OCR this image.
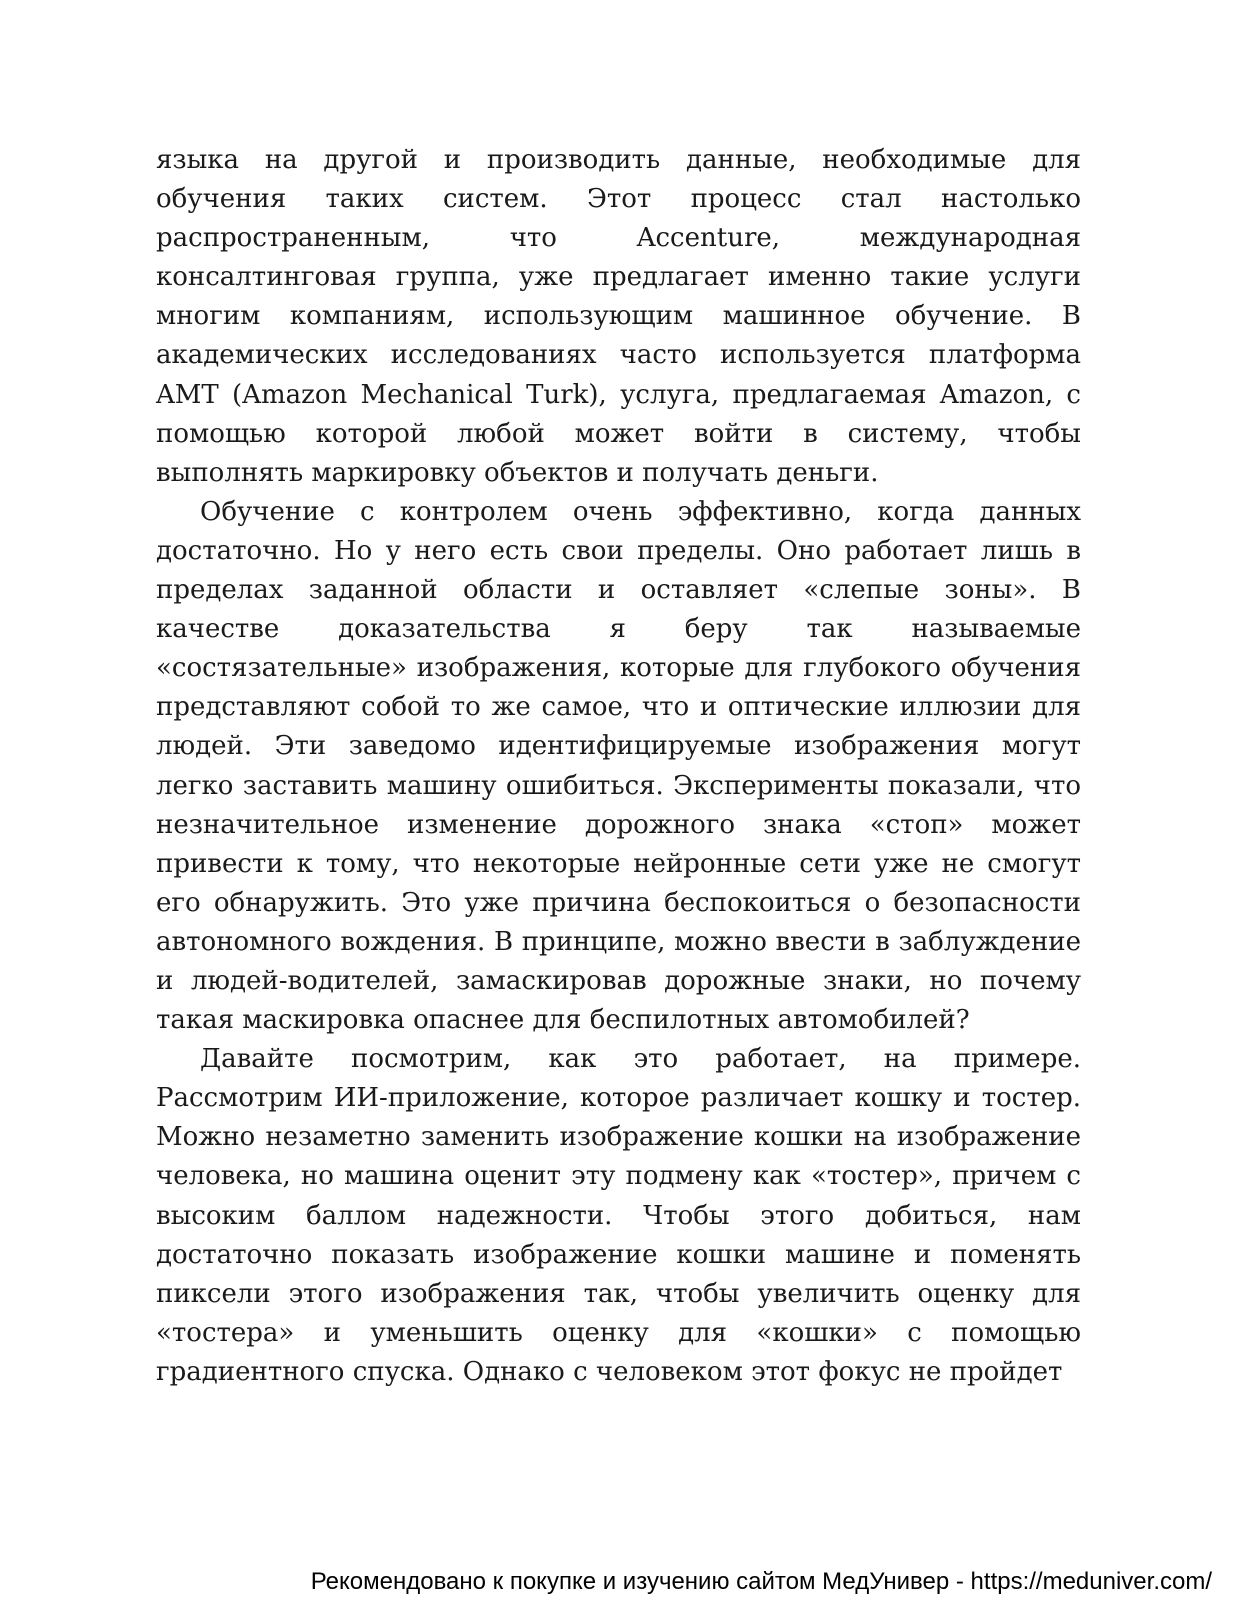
языка на другой и производить данные, необходимые для обучения таких систем. Этот процесс стал настолько распространенным, что Accenture, международная консалтинговая группа, уже предлагает именно такие услуги многим компаниям, использующим машинное обучение. В академических исследованиях часто используется платформа AMT (Amazon Mechanical Turk), услуга, предлагаемая Amazon, с помощью которой любой может войти в систему, чтобы выполнять маркировку объектов и получать деньги.

Обучение с контролем очень эффективно, когда данных достаточно. Но у него есть свои пределы. Оно работает лишь в пределах заданной области и оставляет «слепые зоны». В качестве доказательства я беру так называемые «состязательные» изображения, которые для глубокого обучения представляют собой то же самое, что и оптические иллюзии для людей. Эти заведомо идентифицируемые изображения могут легко заставить машину ошибиться. Эксперименты показали, что незначительное изменение дорожного знака «стоп» может привести к тому, что некоторые нейронные сети уже не смогут его обнаружить. Это уже причина беспокоиться о безопасности автономного вождения. В принципе, можно ввести в заблуждение и людей-водителей, замаскировав дорожные знаки, но почему такая маскировка опаснее для беспилотных автомобилей?

Давайте посмотрим, как это работает, на примере. Рассмотрим ИИ-приложение, которое различает кошку и тостер. Можно незаметно заменить изображение кошки на изображение человека, но машина оценит эту подмену как «тостер», причем с высоким баллом надежности. Чтобы этого добиться, нам достаточно показать изображение кошки машине и поменять пиксели этого изображения так, чтобы увеличить оценку для «тостера» и уменьшить оценку для «кошки» с помощью градиентного спуска. Однако с человеком этот фокус не пройдет

Рекомендовано к покупке и изучению сайтом МедУнивер - https://meduniver.com/
